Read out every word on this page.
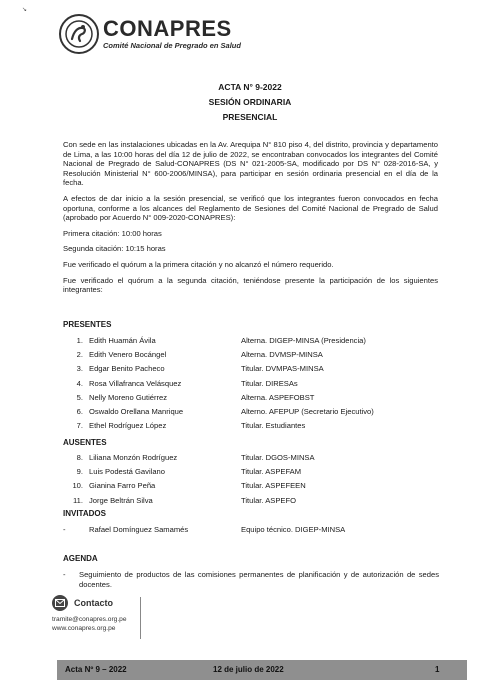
↘
CONAPRES
Comité Nacional de Pregrado en Salud
ACTA N° 9-2022
SESIÓN ORDINARIA
PRESENCIAL

Con sede en las instalaciones ubicadas en la Av. Arequipa N° 810 piso 4, del distrito, provincia y departamento de Lima, a las 10:00 horas del día 12 de julio de 2022, se encontraban convocados los integrantes del Comité Nacional de Pregrado de Salud-CONAPRES (DS N° 021-2005-SA, modificado por DS N° 028-2016-SA, y Resolución Ministerial N° 600-2006/MINSA), para participar en sesión ordinaria presencial en el día de la fecha.

A efectos de dar inicio a la sesión presencial, se verificó que los integrantes fueron convocados en fecha oportuna, conforme a los alcances del Reglamento de Sesiones del Comité Nacional de Pregrado de Salud (aprobado por Acuerdo N° 009-2020-CONAPRES):

Primera citación: 10:00 horas

Segunda citación: 10:15 horas

Fue verificado el quórum a la primera citación y no alcanzó el número requerido.

Fue verificado el quórum a la segunda citación, teniéndose presente la participación de los siguientes integrantes:

PRESENTES
1. Edith Huamán Ávila	Alterna. DIGEP-MINSA (Presidencia)
2. Edith Venero Bocángel	Alterna. DVMSP-MINSA
3. Edgar Benito Pacheco	Titular. DVMPAS-MINSA
4. Rosa Villafranca Velásquez	Titular. DIRESAs
5. Nelly Moreno Gutiérrez	Alterna. ASPEFOBST
6. Oswaldo Orellana Manrique	Alterno. AFEPUP (Secretario Ejecutivo)
7. Ethel Rodríguez López	Titular. Estudiantes
AUSENTES
8. Liliana Monzón Rodríguez	Titular. DGOS-MINSA
9. Luis Podestá Gavilano	Titular. ASPEFAM
10. Gianina Farro Peña	Titular. ASPEFEEN
11. Jorge Beltrán Silva	Titular. ASPEFO
INVITADOS
-	Rafael Domínguez Samamés	Equipo técnico. DIGEP-MINSA
AGENDA
- Seguimiento de productos de las comisiones permanentes de planificación y de autorización de sedes docentes.
Contacto
tramite@conapres.org.pe
www.conapres.org.pe
Acta Nº 9 – 2022	12 de julio de 2022	1
